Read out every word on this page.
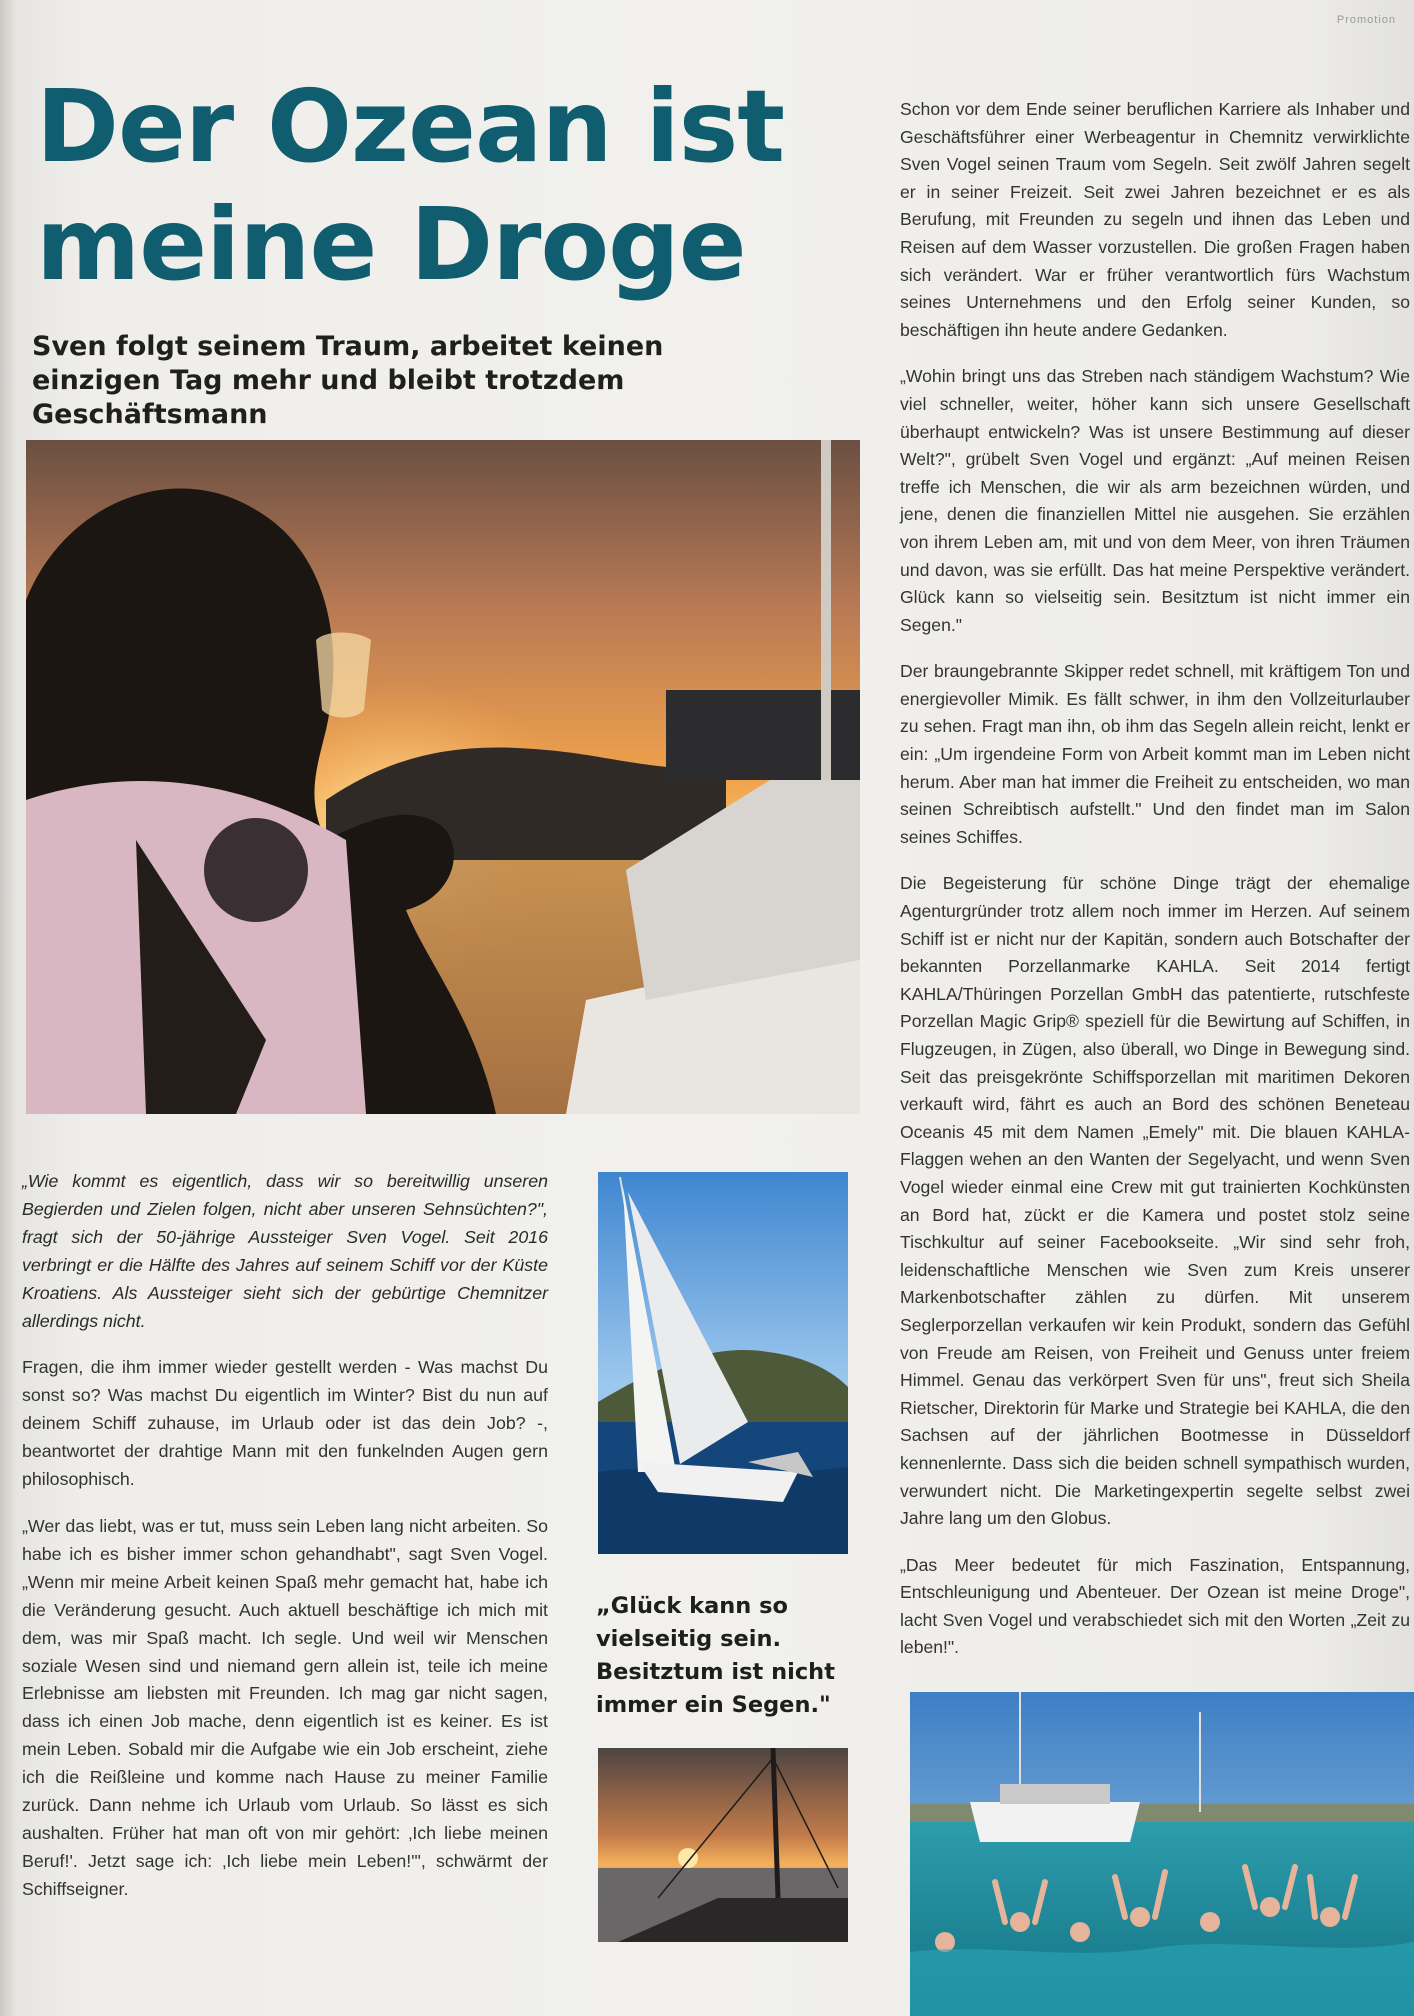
Promotion
Der Ozean ist meine Droge
Sven folgt seinem Traum, arbeitet keinen einzigen Tag mehr und bleibt trotzdem Geschäftsmann

„Wie kommt es eigentlich, dass wir so bereitwillig unseren Begierden und Zielen folgen, nicht aber unseren Sehnsüchten?", fragt sich der 50-jährige Aussteiger Sven Vogel. Seit 2016 verbringt er die Hälfte des Jahres auf seinem Schiff vor der Küste Kroatiens. Als Aussteiger sieht sich der gebürtige Chemnitzer allerdings nicht.

Fragen, die ihm immer wieder gestellt werden - Was machst Du sonst so? Was machst Du eigentlich im Winter? Bist du nun auf deinem Schiff zuhause, im Urlaub oder ist das dein Job? -, beantwortet der drahtige Mann mit den funkelnden Augen gern philosophisch.

„Wer das liebt, was er tut, muss sein Leben lang nicht arbeiten. So habe ich es bisher immer schon gehandhabt", sagt Sven Vogel. „Wenn mir meine Arbeit keinen Spaß mehr gemacht hat, habe ich die Veränderung gesucht. Auch aktuell beschäftige ich mich mit dem, was mir Spaß macht. Ich segle. Und weil wir Menschen soziale Wesen sind und niemand gern allein ist, teile ich meine Erlebnisse am liebsten mit Freunden. Ich mag gar nicht sagen, dass ich einen Job mache, denn eigentlich ist es keiner. Es ist mein Leben. Sobald mir die Aufgabe wie ein Job erscheint, ziehe ich die Reißleine und komme nach Hause zu meiner Familie zurück. Dann nehme ich Urlaub vom Urlaub. So lässt es sich aushalten. Früher hat man oft von mir gehört: ‚Ich liebe meinen Beruf!'. Jetzt sage ich: ‚Ich liebe mein Leben!'", schwärmt der Schiffseigner.

„Glück kann so vielseitig sein. Besitztum ist nicht immer ein Segen."

Schon vor dem Ende seiner beruflichen Karriere als Inhaber und Geschäftsführer einer Werbeagentur in Chemnitz verwirklichte Sven Vogel seinen Traum vom Segeln. Seit zwölf Jahren segelt er in seiner Freizeit. Seit zwei Jahren bezeichnet er es als Berufung, mit Freunden zu segeln und ihnen das Leben und Reisen auf dem Wasser vorzustellen. Die großen Fragen haben sich verändert. War er früher verantwortlich fürs Wachstum seines Unternehmens und den Erfolg seiner Kunden, so beschäftigen ihn heute andere Gedanken.

„Wohin bringt uns das Streben nach ständigem Wachstum? Wie viel schneller, weiter, höher kann sich unsere Gesellschaft überhaupt entwickeln? Was ist unsere Bestimmung auf dieser Welt?", grübelt Sven Vogel und ergänzt: „Auf meinen Reisen treffe ich Menschen, die wir als arm bezeichnen würden, und jene, denen die finanziellen Mittel nie ausgehen. Sie erzählen von ihrem Leben am, mit und von dem Meer, von ihren Träumen und davon, was sie erfüllt. Das hat meine Perspektive verändert. Glück kann so vielseitig sein. Besitztum ist nicht immer ein Segen."

Der braungebrannte Skipper redet schnell, mit kräftigem Ton und energievoller Mimik. Es fällt schwer, in ihm den Vollzeiturlauber zu sehen. Fragt man ihn, ob ihm das Segeln allein reicht, lenkt er ein: „Um irgendeine Form von Arbeit kommt man im Leben nicht herum. Aber man hat immer die Freiheit zu entscheiden, wo man seinen Schreibtisch aufstellt." Und den findet man im Salon seines Schiffes.

Die Begeisterung für schöne Dinge trägt der ehemalige Agenturgründer trotz allem noch immer im Herzen. Auf seinem Schiff ist er nicht nur der Kapitän, sondern auch Botschafter der bekannten Porzellanmarke KAHLA. Seit 2014 fertigt KAHLA/Thüringen Porzellan GmbH das patentierte, rutschfeste Porzellan Magic Grip® speziell für die Bewirtung auf Schiffen, in Flugzeugen, in Zügen, also überall, wo Dinge in Bewegung sind. Seit das preisgekrönte Schiffsporzellan mit maritimen Dekoren verkauft wird, fährt es auch an Bord des schönen Beneteau Oceanis 45 mit dem Namen „Emely" mit. Die blauen KAHLA-Flaggen wehen an den Wanten der Segelyacht, und wenn Sven Vogel wieder einmal eine Crew mit gut trainierten Kochkünsten an Bord hat, zückt er die Kamera und postet stolz seine Tischkultur auf seiner Facebookseite. „Wir sind sehr froh, leidenschaftliche Menschen wie Sven zum Kreis unserer Markenbotschafter zählen zu dürfen. Mit unserem Seglerporzellan verkaufen wir kein Produkt, sondern das Gefühl von Freude am Reisen, von Freiheit und Genuss unter freiem Himmel. Genau das verkörpert Sven für uns", freut sich Sheila Rietscher, Direktorin für Marke und Strategie bei KAHLA, die den Sachsen auf der jährlichen Bootmesse in Düsseldorf kennenlernte. Dass sich die beiden schnell sympathisch wurden, verwundert nicht. Die Marketingexpertin segelte selbst zwei Jahre lang um den Globus.

„Das Meer bedeutet für mich Faszination, Entspannung, Entschleunigung und Abenteuer. Der Ozean ist meine Droge", lacht Sven Vogel und verabschiedet sich mit den Worten „Zeit zu leben!".
